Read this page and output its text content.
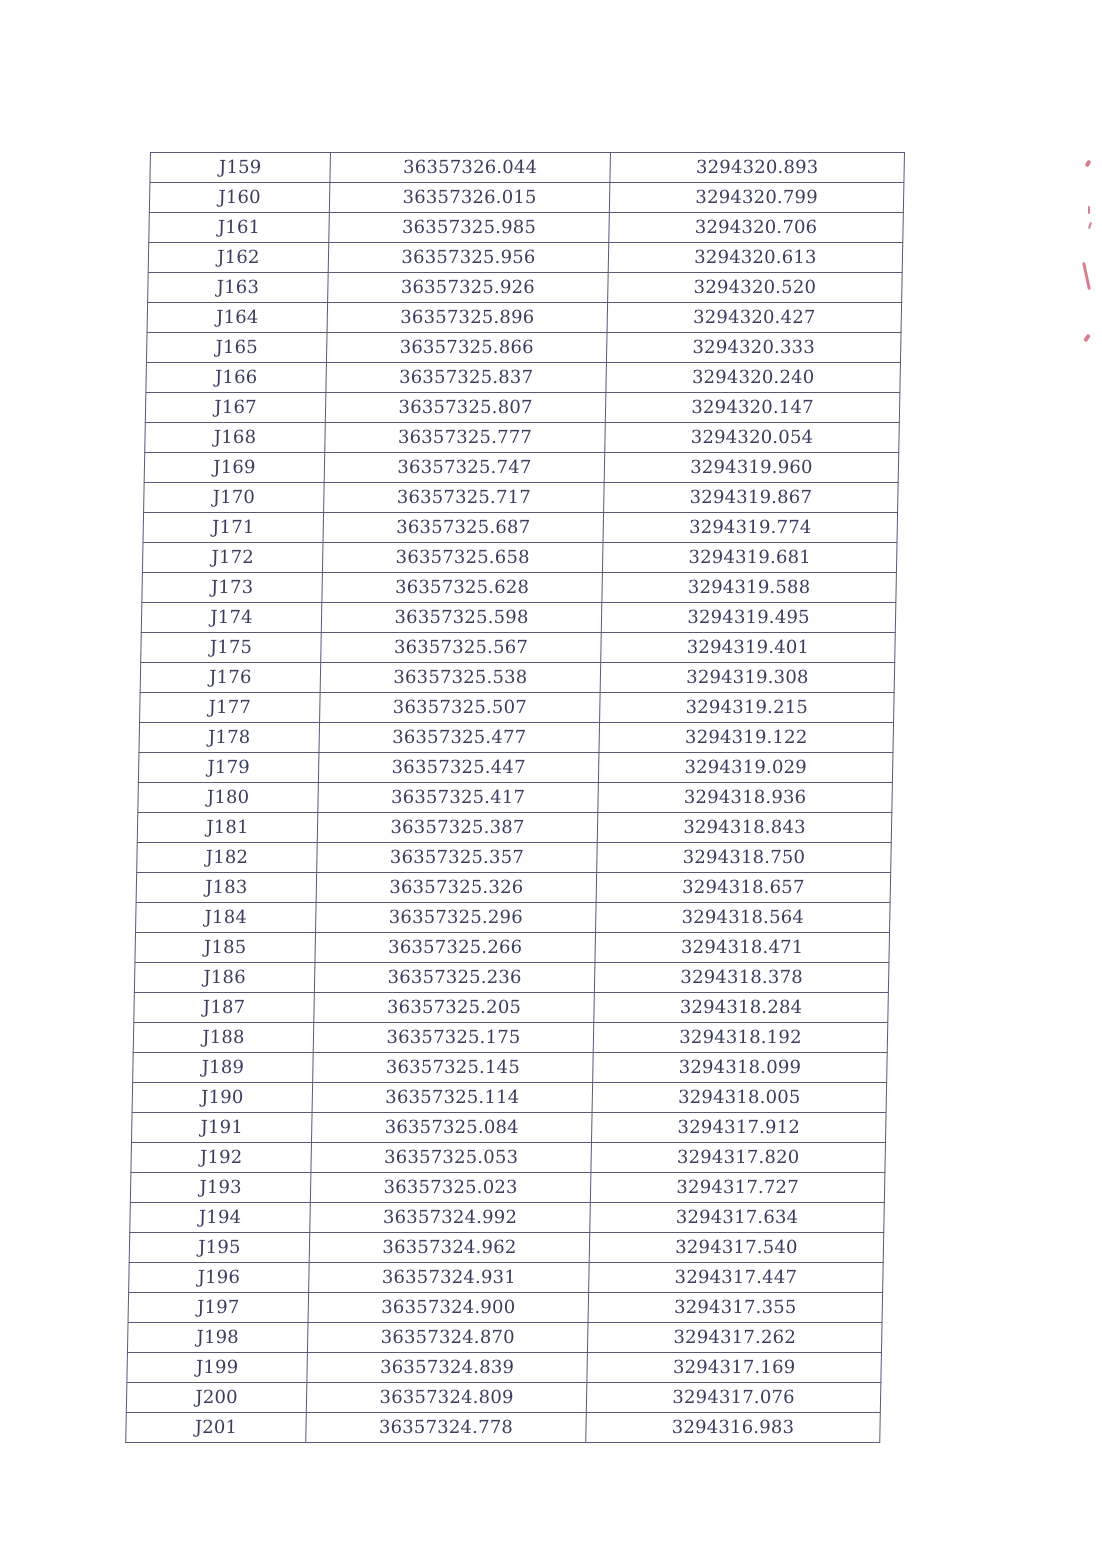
J159	36357326.044	3294320.893
J160	36357326.015	3294320.799
J161	36357325.985	3294320.706
J162	36357325.956	3294320.613
J163	36357325.926	3294320.520
J164	36357325.896	3294320.427
J165	36357325.866	3294320.333
J166	36357325.837	3294320.240
J167	36357325.807	3294320.147
J168	36357325.777	3294320.054
J169	36357325.747	3294319.960
J170	36357325.717	3294319.867
J171	36357325.687	3294319.774
J172	36357325.658	3294319.681
J173	36357325.628	3294319.588
J174	36357325.598	3294319.495
J175	36357325.567	3294319.401
J176	36357325.538	3294319.308
J177	36357325.507	3294319.215
J178	36357325.477	3294319.122
J179	36357325.447	3294319.029
J180	36357325.417	3294318.936
J181	36357325.387	3294318.843
J182	36357325.357	3294318.750
J183	36357325.326	3294318.657
J184	36357325.296	3294318.564
J185	36357325.266	3294318.471
J186	36357325.236	3294318.378
J187	36357325.205	3294318.284
J188	36357325.175	3294318.192
J189	36357325.145	3294318.099
J190	36357325.114	3294318.005
J191	36357325.084	3294317.912
J192	36357325.053	3294317.820
J193	36357325.023	3294317.727
J194	36357324.992	3294317.634
J195	36357324.962	3294317.540
J196	36357324.931	3294317.447
J197	36357324.900	3294317.355
J198	36357324.870	3294317.262
J199	36357324.839	3294317.169
J200	36357324.809	3294317.076
J201	36357324.778	3294316.983
